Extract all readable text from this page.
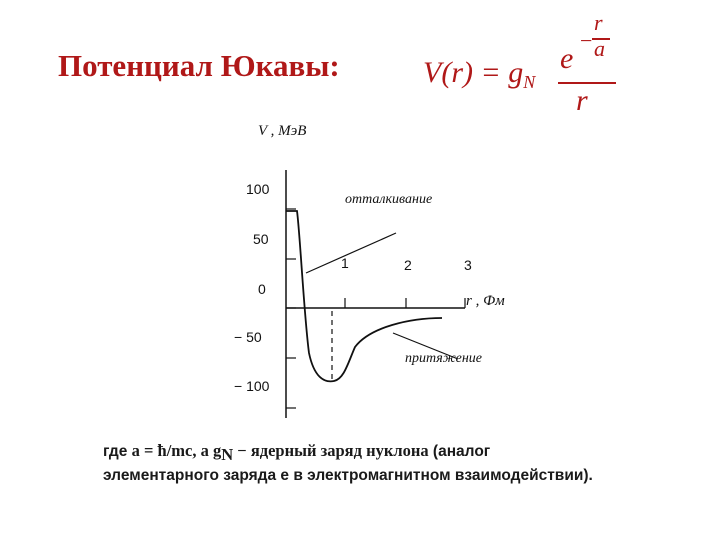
Потенциал Юкавы:	$V(r) = g_N$
e
−
r
a
r
V , МэВ
100
50
0
− 50
− 100
1	2	3
r , Фм
отталкивание
притяжение
где a = ħ/mc, a $g_N$ − ядерный заряд нуклона (аналог элементарного заряда е в электромагнитном взаимодействии).
